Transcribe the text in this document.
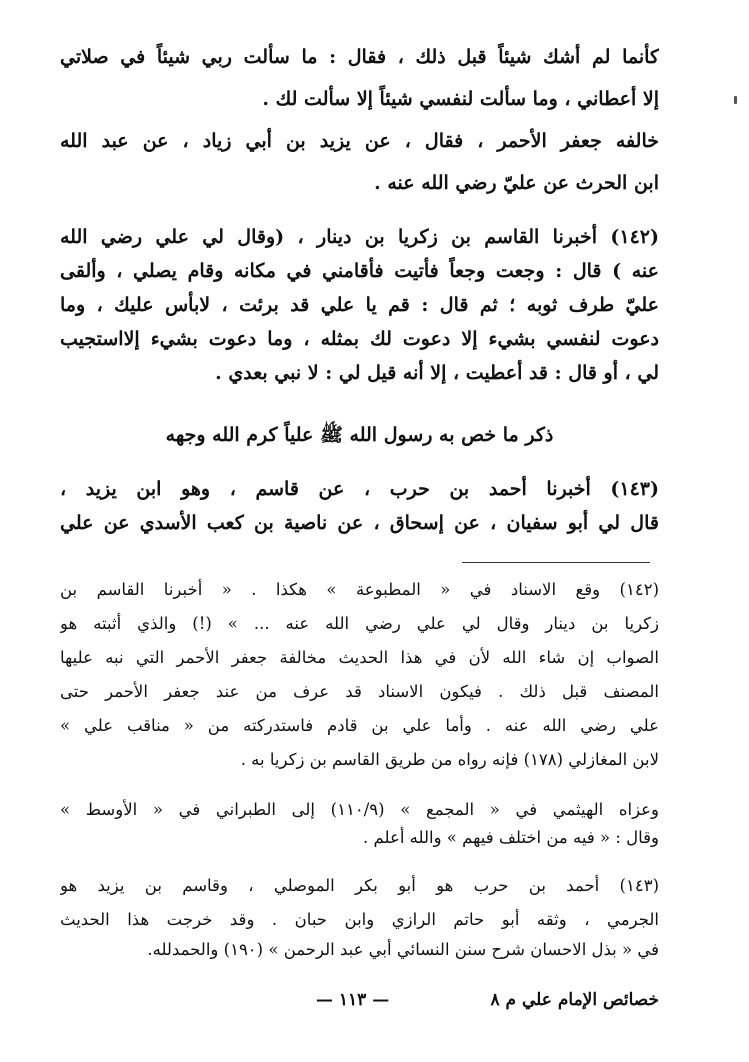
كأنما لم أشك شيئاً قبل ذلك ، فقال : ما سألت ربي شيئاً في صلاتي
إلا أعطاني ، وما سألت لنفسي شيئاً إلا سألت لك .
خالفه جعفر الأحمر ، فقال ، عن يزيد بن أبي زياد ، عن عبد الله
ابن الحرث عن عليّ رضي الله عنه .
(١٤٢) أخبرنا القاسم بن زكريا بن دينار ، (وقال لي علي رضي الله
عنه ) قال : وجعت وجعاً فأتيت فأقامني في مكانه وقام يصلي ، وألقى
عليّ طرف ثوبه ؛ ثم قال : قم يا علي قد برئت ، لابأس عليك ، وما
دعوت لنفسي بشيء إلا دعوت لك بمثله ، وما دعوت بشيء إلااستجيب
لي ، أو قال : قد أعطيت ، إلا أنه قيل لي : لا نبي بعدي .
ذكر ما خص به رسول الله ﷺ علياً كرم الله وجهه
(١٤٣) أخبرنا أحمد بن حرب ، عن قاسم ، وهو ابن يزيد ،
قال لي أبو سفيان ، عن إسحاق ، عن ناصية بن كعب الأسدي عن علي
(١٤٢) وقع الاسناد في « المطبوعة » هكذا . « أخبرنا القاسم بن
زكريا بن دينار وقال لي علي رضي الله عنه ... » (!) والذي أثبته هو
الصواب إن شاء الله لأن في هذا الحديث مخالفة جعفر الأحمر التي نبه عليها
المصنف قبل ذلك . فيكون الاسناد قد عرف من عند جعفر الأحمر حتى
علي رضي الله عنه . وأما علي بن قادم فاستدركته من « مناقب علي »
لابن المغازلي (١٧٨) فإنه رواه من طريق القاسم بن زكريا به .
وعزاه الهيثمي في « المجمع » (١١٠/٩) إلى الطبراني في « الأوسط »
وقال : « فيه من اختلف فيهم » والله أعلم .
(١٤٣) أحمد بن حرب هو أبو بكر الموصلي ، وقاسم بن يزيد هو
الجرمي ، وثقه أبو حاتم الرازي وابن حبان . وقد خرجت هذا الحديث
في « بذل الاحسان شرح سنن النسائي أبي عبد الرحمن » (١٩٠) والحمدلله.
خصائص الإمام علي م ٨
— ١١٣ —
